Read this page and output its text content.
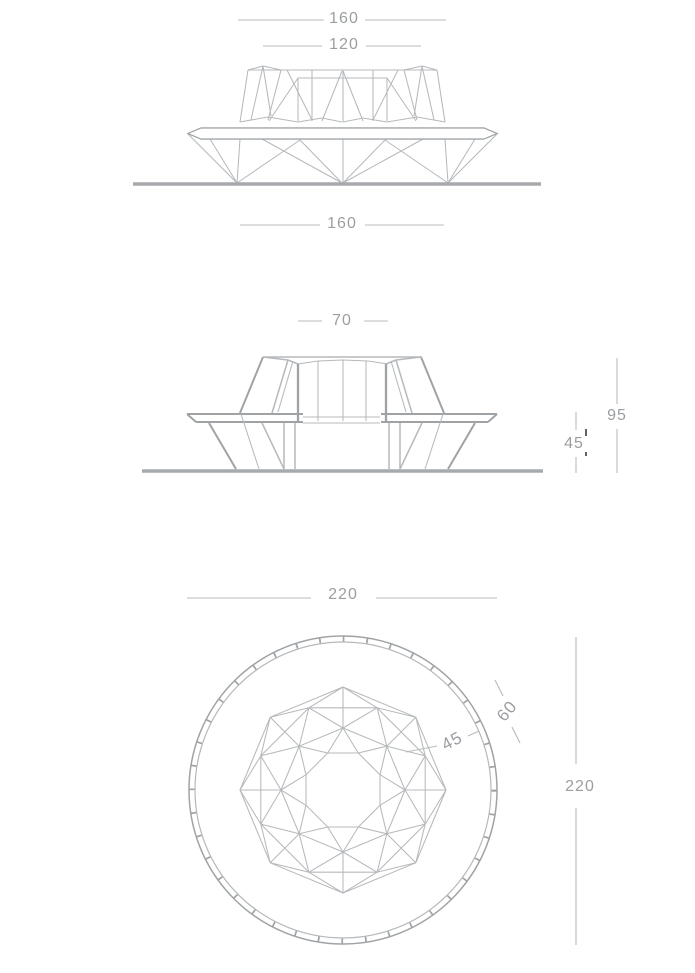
160
120
160
70
45
95
220
220
60
45
